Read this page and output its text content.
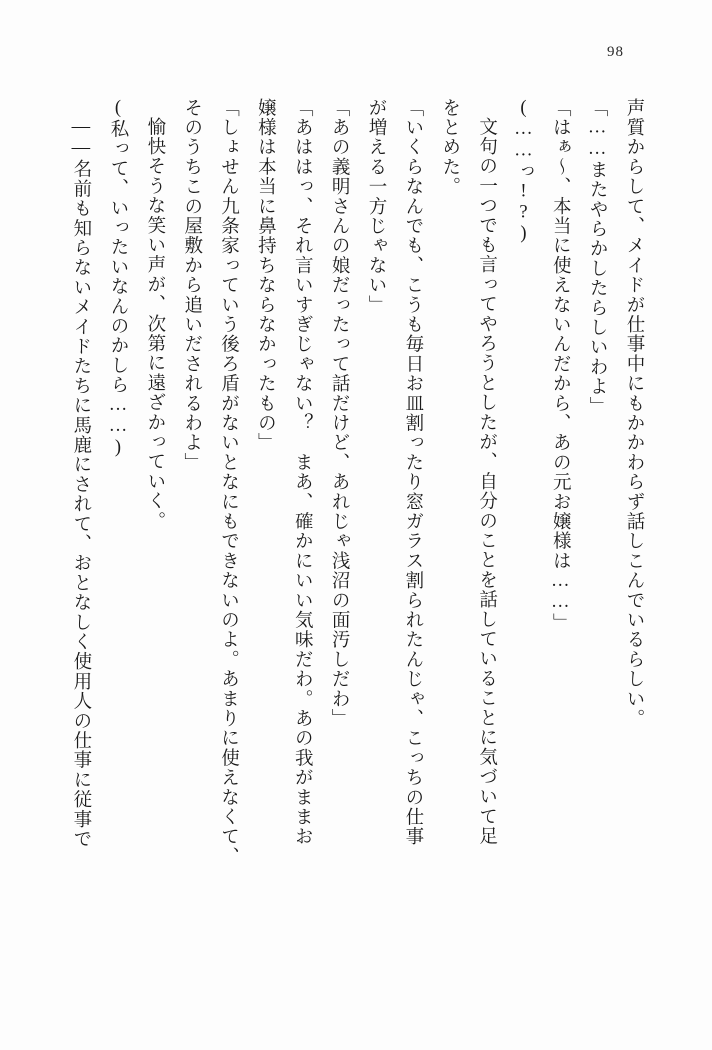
98
声質からして、メイドが仕事中にもかかわらず話しこんでいるらしい。
「……またやらかしたらしいわよ」
「はぁ～、本当に使えないんだから、あの元お嬢様は……」
(……っ!?)
文句の一つでも言ってやろうとしたが、自分のことを話していることに気づいて足
をとめた。
「いくらなんでも、こうも毎日お皿割ったり窓ガラス割られたんじゃ、こっちの仕事
が増える一方じゃない」
「あの義明さんの娘だったって話だけど、あれじゃ浅沼の面汚しだわ」
「あははっ、それ言いすぎじゃない？　まあ、確かにいい気味だわ。あの我がままお
嬢様は本当に鼻持ちならなかったもの」
「しょせん九条家っていう後ろ盾がないとなにもできないのよ。あまりに使えなくて、
そのうちこの屋敷から追いだされるわよ」
愉快そうな笑い声が、次第に遠ざかっていく。
(私って、いったいなんのかしら……)
――名前も知らないメイドたちに馬鹿にされて、おとなしく使用人の仕事に従事で
